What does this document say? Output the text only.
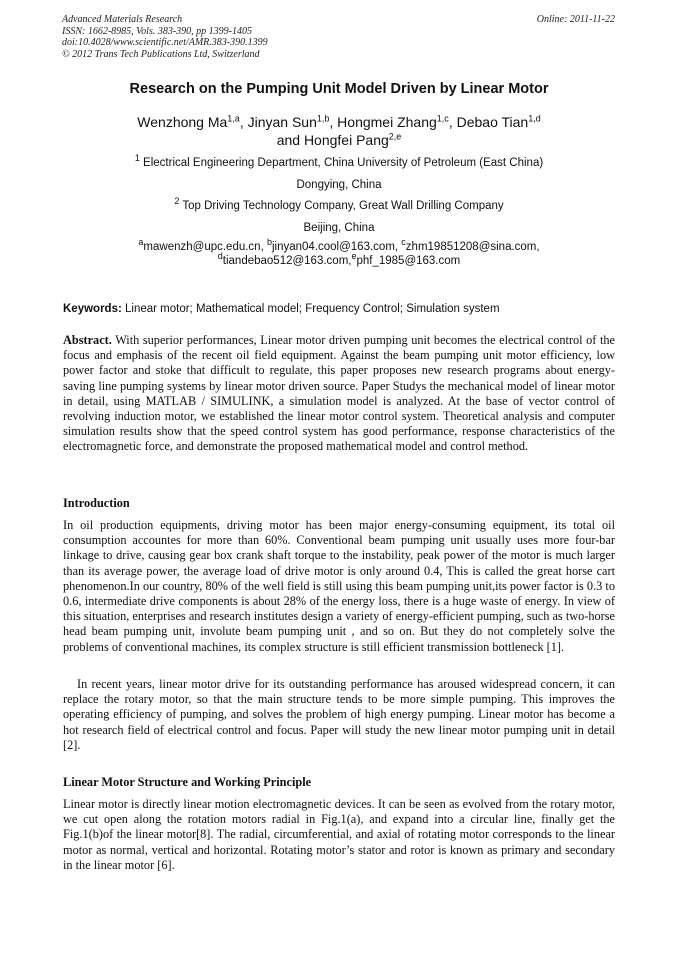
Advanced Materials Research
ISSN: 1662-8985, Vols. 383-390, pp 1399-1405
doi:10.4028/www.scientific.net/AMR.383-390.1399
© 2012 Trans Tech Publications Ltd, Switzerland
Online: 2011-11-22
Research on the Pumping Unit Model Driven by Linear Motor
Wenzhong Ma$^{1,a}$, Jinyan Sun$^{1,b}$, Hongmei Zhang$^{1,c}$, Debao Tian$^{1,d}$
and Hongfei Pang$^{2,e}$
$^1$ Electrical Engineering Department, China University of Petroleum (East China)
Dongying, China
$^2$ Top Driving Technology Company, Great Wall Drilling Company
Beijing, China
$^a$mawenzh@upc.edu.cn, $^b$jinyan04.cool@163.com, $^c$zhm19851208@sina.com,
$^d$tiandebao512@163.com,$^e$phf_1985@163.com
Keywords: Linear motor; Mathematical model; Frequency Control; Simulation system
Abstract. With superior performances, Linear motor driven pumping unit becomes the electrical control of the focus and emphasis of the recent oil field equipment. Against the beam pumping unit motor efficiency, low power factor and stoke that difficult to regulate, this paper proposes new research programs about energy-saving line pumping systems by linear motor driven source. Paper Studys the mechanical model of linear motor in detail, using MATLAB / SIMULINK, a simulation model is analyzed. At the base of vector control of revolving induction motor, we established the linear motor control system. Theoretical analysis and computer simulation results show that the speed control system has good performance, response characteristics of the electromagnetic force, and demonstrate the proposed mathematical model and control method.
Introduction
In oil production equipments, driving motor has been major energy-consuming equipment, its total oil consumption accountes for more than 60%. Conventional beam pumping unit usually uses more four-bar linkage to drive, causing gear box crank shaft torque to the instability, peak power of the motor is much larger than its average power, the average load of drive motor is only around 0.4, This is called the great horse cart phenomenon.In our country, 80% of the well field is still using this beam pumping unit,its power factor is 0.3 to 0.6, intermediate drive components is about 28% of the energy loss, there is a huge waste of energy. In view of this situation, enterprises and research institutes design a variety of energy-efficient pumping, such as two-horse head beam pumping unit, involute beam pumping unit , and so on. But they do not completely solve the problems of conventional machines, its complex structure is still efficient transmission bottleneck [1].
In recent years, linear motor drive for its outstanding performance has aroused widespread concern, it can replace the rotary motor, so that the main structure tends to be more simple pumping. This improves the operating efficiency of pumping, and solves the problem of high energy pumping. Linear motor has become a hot research field of electrical control and focus. Paper will study the new linear motor pumping unit in detail [2].
Linear Motor Structure and Working Principle
Linear motor is directly linear motion electromagnetic devices. It can be seen as evolved from the rotary motor, we cut open along the rotation motors radial in Fig.1(a), and expand into a circular line, finally get the Fig.1(b)of the linear motor[8]. The radial, circumferential, and axial of rotating motor corresponds to the linear motor as normal, vertical and horizontal. Rotating motor’s stator and rotor is known as primary and secondary in the linear motor [6].
